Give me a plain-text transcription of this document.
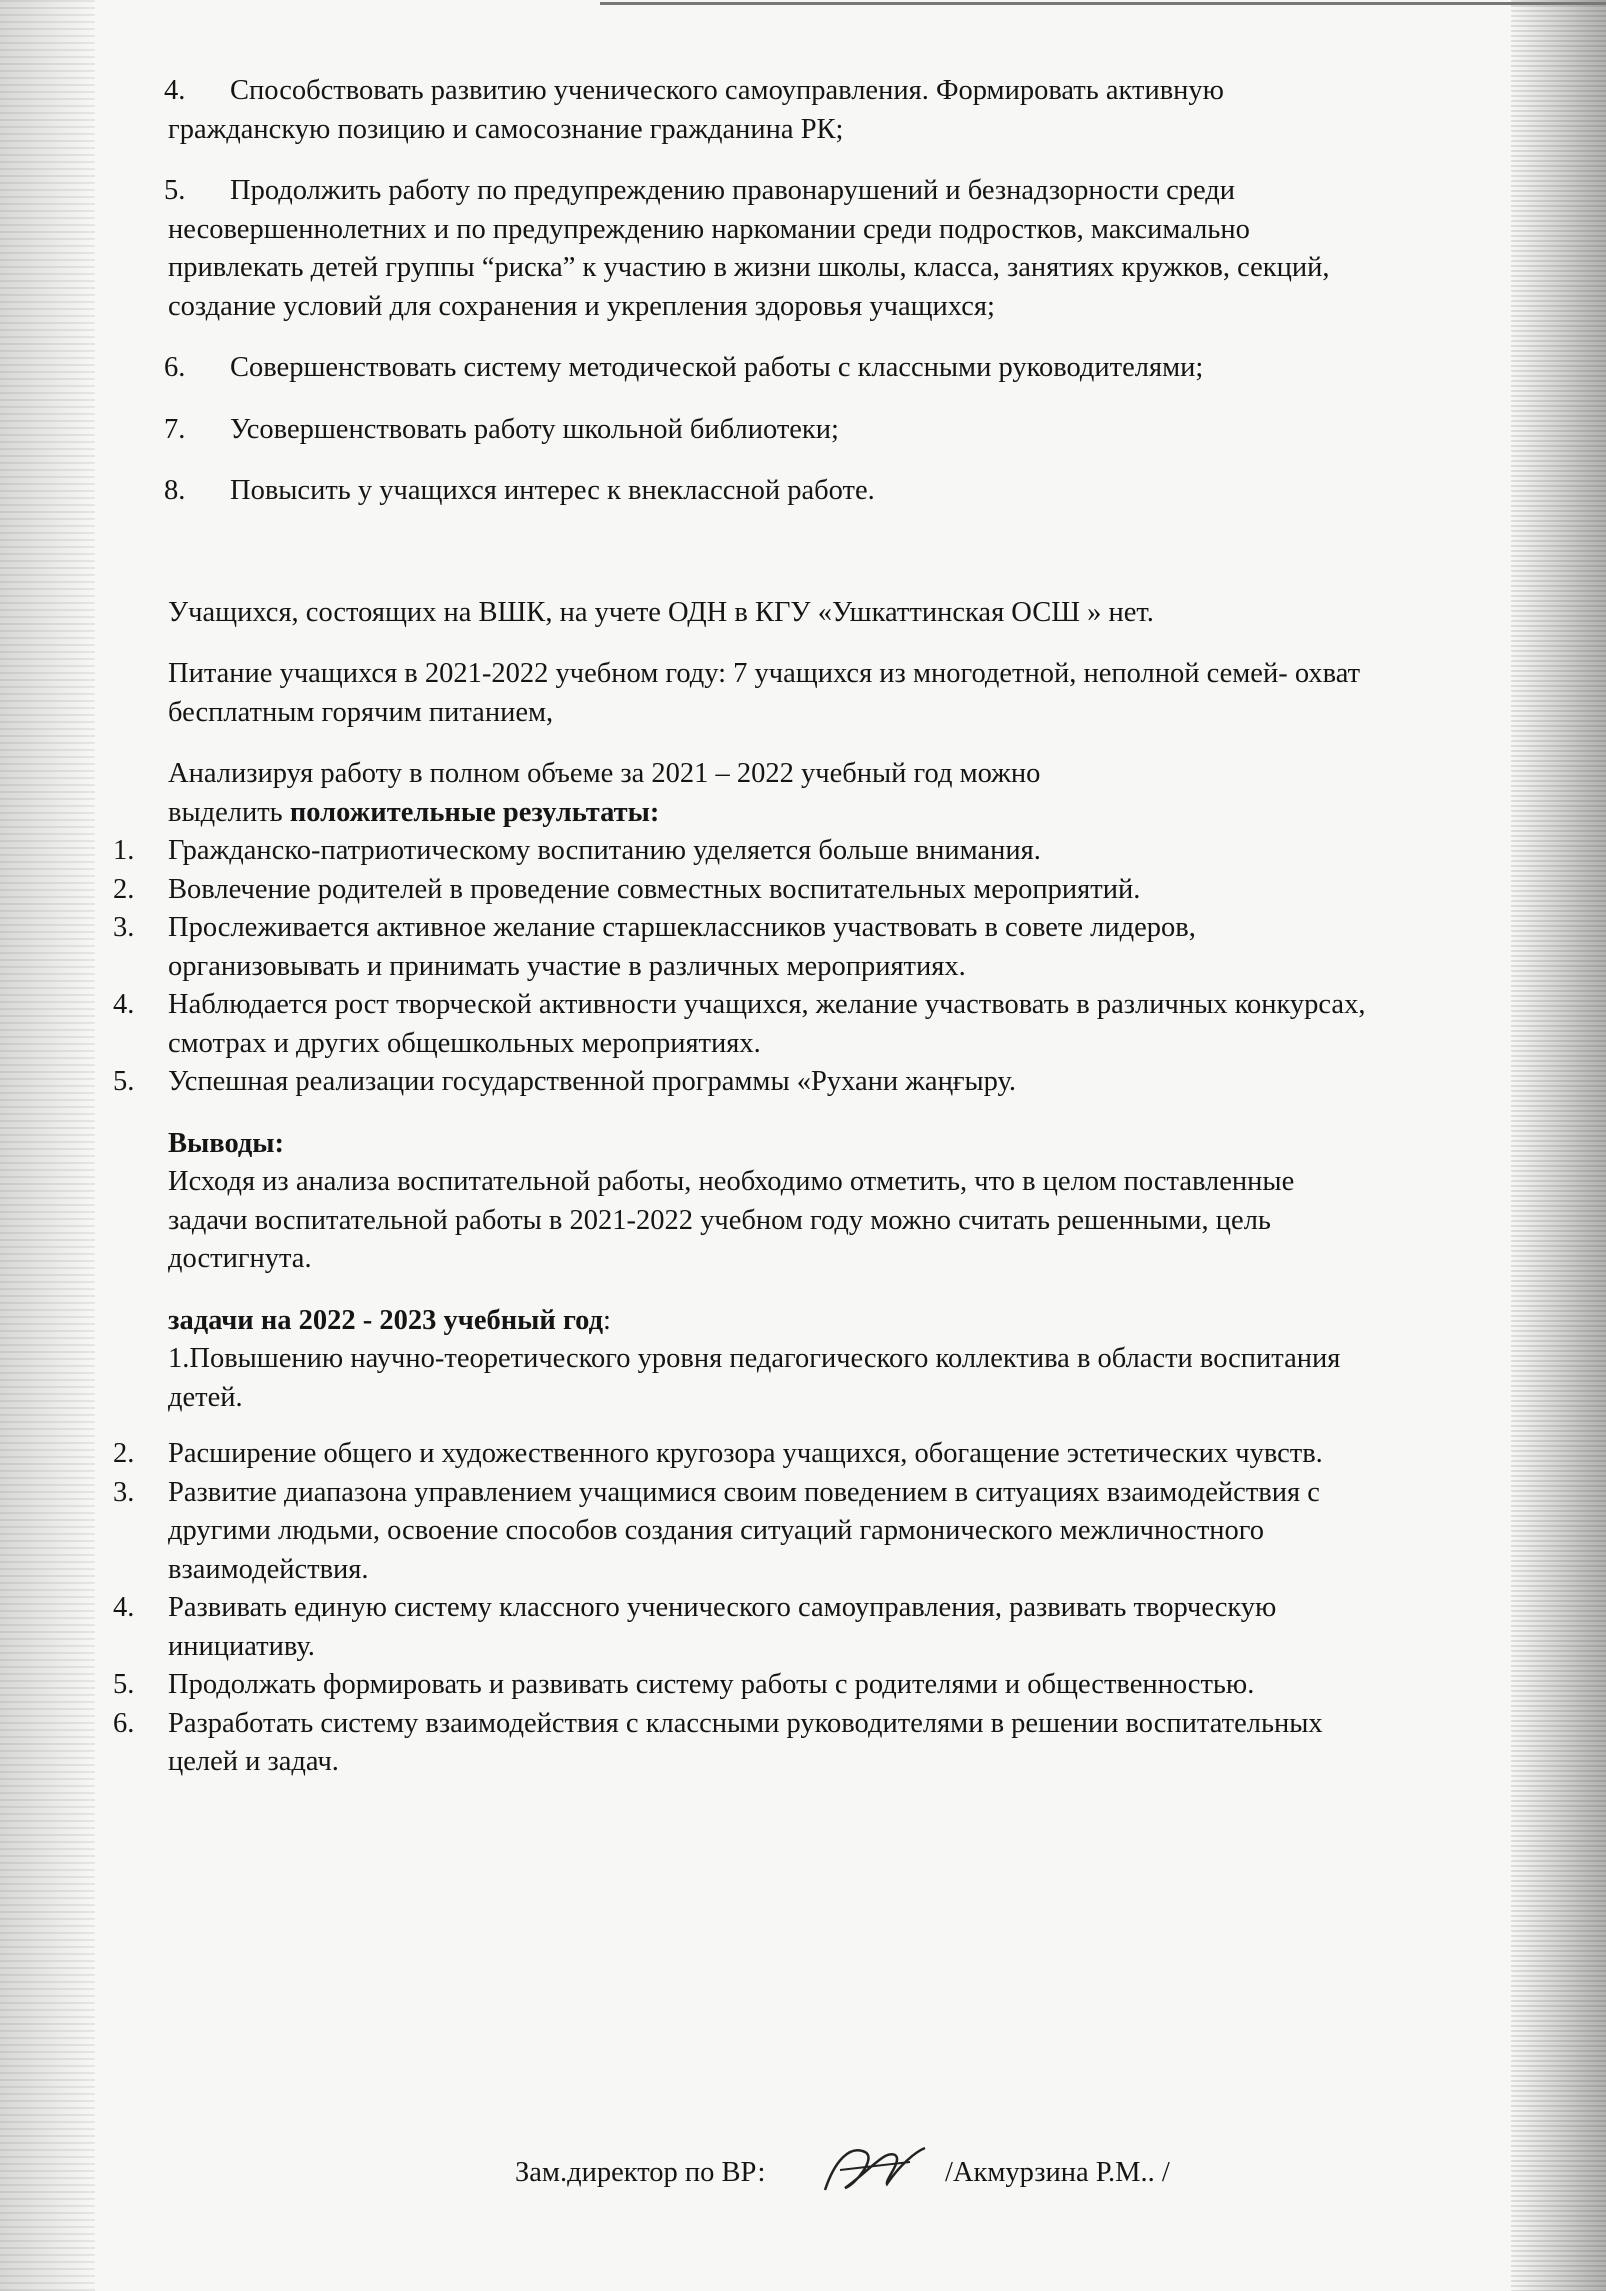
4. Способствовать развитию ученического самоуправления. Формировать активную
гражданскую позицию и самосознание гражданина РК;
5. Продолжить работу по предупреждению правонарушений и безнадзорности среди
несовершеннолетних и по предупреждению наркомании среди подростков, максимально
привлекать детей группы “риска” к участию в жизни школы, класса, занятиях кружков, секций,
создание условий для сохранения и укрепления здоровья учащихся;
6. Совершенствовать систему методической работы с классными руководителями;
7. Усовершенствовать работу школьной библиотеки;
8. Повысить у учащихся интерес к внеклассной работе.
Учащихся, состоящих на ВШК, на учете ОДН в КГУ «Ушкаттинская ОСШ » нет.
Питание учащихся в 2021-2022 учебном году: 7 учащихся из многодетной, неполной семей- охват
бесплатным горячим питанием,
Анализируя работу в полном объеме за 2021 – 2022 учебный год можно
выделить положительные результаты:
1. Гражданско-патриотическому воспитанию уделяется больше внимания.
2. Вовлечение родителей в проведение совместных воспитательных мероприятий.
3. Прослеживается активное желание старшеклассников участвовать в совете лидеров,
организовывать и принимать участие в различных мероприятиях.
4. Наблюдается рост творческой активности учащихся, желание участвовать в различных конкурсах,
смотрах и других общешкольных мероприятиях.
5. Успешная реализации государственной программы «Рухани жаңғыру.
Выводы:
Исходя из анализа воспитательной работы, необходимо отметить, что в целом поставленные
задачи воспитательной работы в 2021-2022 учебном году можно считать решенными, цель
достигнута.
задачи на 2022 - 2023 учебный год:
1.Повышению научно-теоретического уровня педагогического коллектива в области воспитания
детей.
2. Расширение общего и художественного кругозора учащихся, обогащение эстетических чувств.
3. Развитие диапазона управлением учащимися своим поведением в ситуациях взаимодействия с
другими людьми, освоение способов создания ситуаций гармонического межличностного
взаимодействия.
4. Развивать единую систему классного ученического самоуправления, развивать творческую
инициативу.
5. Продолжать формировать и развивать систему работы с родителями и общественностью.
6. Разработать систему взаимодействия с классными руководителями в решении воспитательных
целей и задач.
Зам.директор по ВР:	/Акмурзина Р.М.. /
